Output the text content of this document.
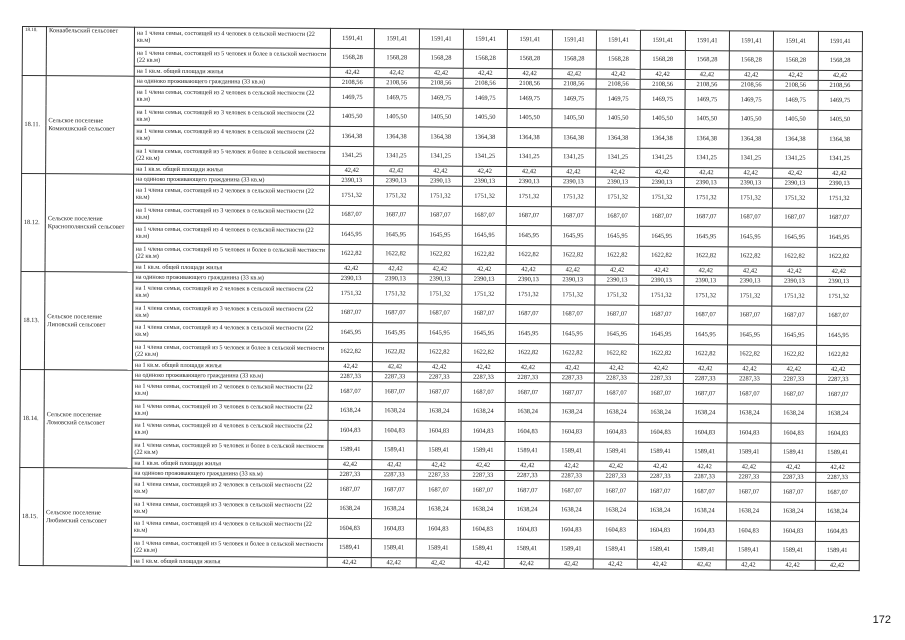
18.10.	Конаабельский сельсовет	на 1 члена семьи, состоящей из 4 человек в сельской местности (22 кв.м)	1591,41	1591,41	1591,41	1591,41	1591,41	1591,41	1591,41	1591,41	1591,41	1591,41	1591,41	1591,41
		на 1 члена семьи, состоящей из 5 человек и более в сельской местности (22 кв.м)	1568,28	1568,28	1568,28	1568,28	1568,28	1568,28	1568,28	1568,28	1568,28	1568,28	1568,28	1568,28
		на 1 кв.м. общей площади жилья	42,42	42,42	42,42	42,42	42,42	42,42	42,42	42,42	42,42	42,42	42,42	42,42
18.11.	Сельское поселение Комиошкский сельсовет	на одиноко проживающего гражданина (33 кв.м)	2108,56	2108,56	2108,56	2108,56	2108,56	2108,56	2108,56	2108,56	2108,56	2108,56	2108,56	2108,56
		на 1 члена семьи, состоящей из 2 человек в сельской местности (22 кв.м)	1469,75	1469,75	1469,75	1469,75	1469,75	1469,75	1469,75	1469,75	1469,75	1469,75	1469,75	1469,75
		на 1 члена семьи, состоящей из 3 человек в сельской местности (22 кв.м)	1405,50	1405,50	1405,50	1405,50	1405,50	1405,50	1405,50	1405,50	1405,50	1405,50	1405,50	1405,50
		на 1 члена семьи, состоящей из 4 человек в сельской местности (22 кв.м)	1364,38	1364,38	1364,38	1364,38	1364,38	1364,38	1364,38	1364,38	1364,38	1364,38	1364,38	1364,38
		на 1 члена семьи, состоящей из 5 человек и более в сельской местности (22 кв.м)	1341,25	1341,25	1341,25	1341,25	1341,25	1341,25	1341,25	1341,25	1341,25	1341,25	1341,25	1341,25
		на 1 кв.м. общей площади жилья	42,42	42,42	42,42	42,42	42,42	42,42	42,42	42,42	42,42	42,42	42,42	42,42
18.12.	Сельское поселение Краснополянский сельсовет	на одиноко проживающего гражданина (33 кв.м)	2390,13	2390,13	2390,13	2390,13	2390,13	2390,13	2390,13	2390,13	2390,13	2390,13	2390,13	2390,13
		на 1 члена семьи, состоящей из 2 человек в сельской местности (22 кв.м)	1751,32	1751,32	1751,32	1751,32	1751,32	1751,32	1751,32	1751,32	1751,32	1751,32	1751,32	1751,32
		на 1 члена семьи, состоящей из 3 человек в сельской местности (22 кв.м)	1687,07	1687,07	1687,07	1687,07	1687,07	1687,07	1687,07	1687,07	1687,07	1687,07	1687,07	1687,07
		на 1 члена семьи, состоящей из 4 человек в сельской местности (22 кв.м)	1645,95	1645,95	1645,95	1645,95	1645,95	1645,95	1645,95	1645,95	1645,95	1645,95	1645,95	1645,95
		на 1 члена семьи, состоящей из 5 человек и более в сельской местности (22 кв.м)	1622,82	1622,82	1622,82	1622,82	1622,82	1622,82	1622,82	1622,82	1622,82	1622,82	1622,82	1622,82
		на 1 кв.м. общей площади жилья	42,42	42,42	42,42	42,42	42,42	42,42	42,42	42,42	42,42	42,42	42,42	42,42
18.13.	Сельское поселение Липовский сельсовет	на одиноко проживающего гражданина (33 кв.м)	2390,13	2390,13	2390,13	2390,13	2390,13	2390,13	2390,13	2390,13	2390,13	2390,13	2390,13	2390,13
		на 1 члена семьи, состоящей из 2 человек в сельской местности (22 кв.м)	1751,32	1751,32	1751,32	1751,32	1751,32	1751,32	1751,32	1751,32	1751,32	1751,32	1751,32	1751,32
		на 1 члена семьи, состоящей из 3 человек в сельской местности (22 кв.м)	1687,07	1687,07	1687,07	1687,07	1687,07	1687,07	1687,07	1687,07	1687,07	1687,07	1687,07	1687,07
		на 1 члена семьи, состоящей из 4 человек в сельской местности (22 кв.м)	1645,95	1645,95	1645,95	1645,95	1645,95	1645,95	1645,95	1645,95	1645,95	1645,95	1645,95	1645,95
		на 1 члена семьи, состоящей из 5 человек и более в сельской местности (22 кв.м)	1622,82	1622,82	1622,82	1622,82	1622,82	1622,82	1622,82	1622,82	1622,82	1622,82	1622,82	1622,82
		на 1 кв.м. общей площади жилья	42,42	42,42	42,42	42,42	42,42	42,42	42,42	42,42	42,42	42,42	42,42	42,42
18.14.	Сельское поселение Ломовский сельсовет	на одиноко проживающего гражданина (33 кв.м)	2287,33	2287,33	2287,33	2287,33	2287,33	2287,33	2287,33	2287,33	2287,33	2287,33	2287,33	2287,33
		на 1 члена семьи, состоящей из 2 человек в сельской местности (22 кв.м)	1687,07	1687,07	1687,07	1687,07	1687,07	1687,07	1687,07	1687,07	1687,07	1687,07	1687,07	1687,07
		на 1 члена семьи, состоящей из 3 человек в сельской местности (22 кв.м)	1638,24	1638,24	1638,24	1638,24	1638,24	1638,24	1638,24	1638,24	1638,24	1638,24	1638,24	1638,24
		на 1 члена семьи, состоящей из 4 человек в сельской местности (22 кв.м)	1604,83	1604,83	1604,83	1604,83	1604,83	1604,83	1604,83	1604,83	1604,83	1604,83	1604,83	1604,83
		на 1 члена семьи, состоящей из 5 человек и более в сельской местности (22 кв.м)	1589,41	1589,41	1589,41	1589,41	1589,41	1589,41	1589,41	1589,41	1589,41	1589,41	1589,41	1589,41
		на 1 кв.м. общей площади жилья	42,42	42,42	42,42	42,42	42,42	42,42	42,42	42,42	42,42	42,42	42,42	42,42
18.15.	Сельское поселение Любимский сельсовет	на одиноко проживающего гражданина (33 кв.м)	2287,33	2287,33	2287,33	2287,33	2287,33	2287,33	2287,33	2287,33	2287,33	2287,33	2287,33	2287,33
		на 1 члена семьи, состоящей из 2 человек в сельской местности (22 кв.м)	1687,07	1687,07	1687,07	1687,07	1687,07	1687,07	1687,07	1687,07	1687,07	1687,07	1687,07	1687,07
		на 1 члена семьи, состоящей из 3 человек в сельской местности (22 кв.м)	1638,24	1638,24	1638,24	1638,24	1638,24	1638,24	1638,24	1638,24	1638,24	1638,24	1638,24	1638,24
		на 1 члена семьи, состоящей из 4 человек в сельской местности (22 кв.м)	1604,83	1604,83	1604,83	1604,83	1604,83	1604,83	1604,83	1604,83	1604,83	1604,83	1604,83	1604,83
		на 1 члена семьи, состоящей из 5 человек и более в сельской местности (22 кв.м)	1589,41	1589,41	1589,41	1589,41	1589,41	1589,41	1589,41	1589,41	1589,41	1589,41	1589,41	1589,41
		на 1 кв.м. общей площади жилья	42,42	42,42	42,42	42,42	42,42	42,42	42,42	42,42	42,42	42,42	42,42	42,42
172
